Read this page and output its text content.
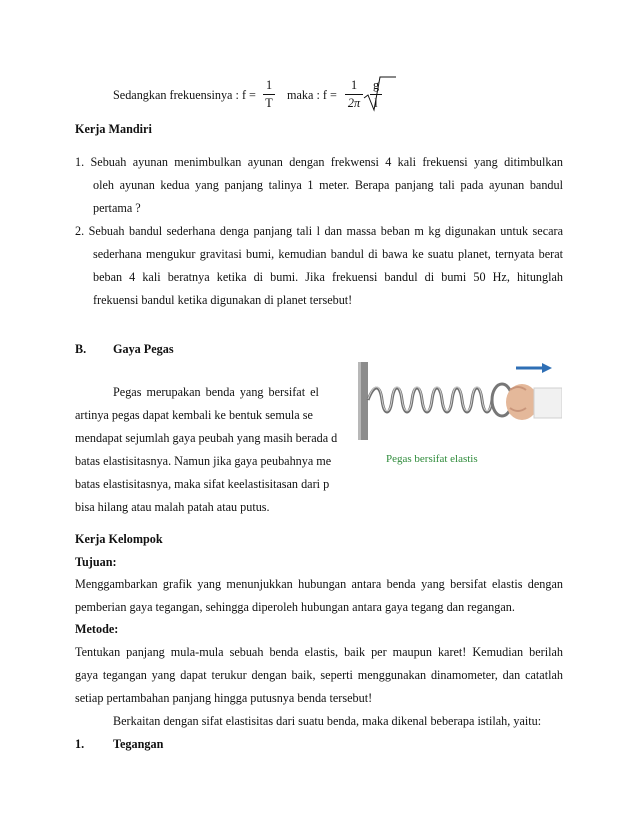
Sedangkan frekuensinya : f =
1
T
maka : f =
1
2π
g
l
Kerja Mandiri
1. Sebuah ayunan menimbulkan ayunan dengan frekwensi 4 kali frekuensi yang ditimbulkan
oleh ayunan kedua yang panjang talinya 1 meter. Berapa panjang tali pada ayunan bandul
pertama ?
2. Sebuah bandul sederhana denga panjang tali l dan massa beban m kg digunakan untuk secara
sederhana mengukur gravitasi bumi, kemudian bandul di bawa ke suatu planet, ternyata berat
beban 4 kali beratnya ketika di bumi. Jika frekuensi bandul di bumi 50 Hz, hitunglah
frekuensi bandul ketika digunakan di planet tersebut!
B. Gaya Pegas
Pegas merupakan benda yang bersifat el
artinya pegas dapat kembali ke bentuk semula se
mendapat sejumlah gaya peubah yang masih berada d
batas elastisitasnya. Namun jika gaya peubahnya me
batas elastisitasnya, maka sifat keelastisitasan dari p
bisa hilang atau malah patah atau putus.
Pegas bersifat elastis
Kerja Kelompok
Tujuan:
Menggambarkan grafik yang menunjukkan hubungan antara benda yang bersifat elastis dengan
pemberian gaya tegangan, sehingga diperoleh hubungan antara gaya tegang dan regangan.
Metode:
Tentukan panjang mula-mula sebuah benda elastis, baik per maupun karet! Kemudian berilah
gaya tegangan yang dapat terukur dengan baik, seperti menggunakan dinamometer, dan catatlah
setiap pertambahan panjang hingga putusnya benda tersebut!
Berkaitan dengan sifat elastisitas dari suatu benda, maka dikenal beberapa istilah, yaitu:
1. Tegangan
